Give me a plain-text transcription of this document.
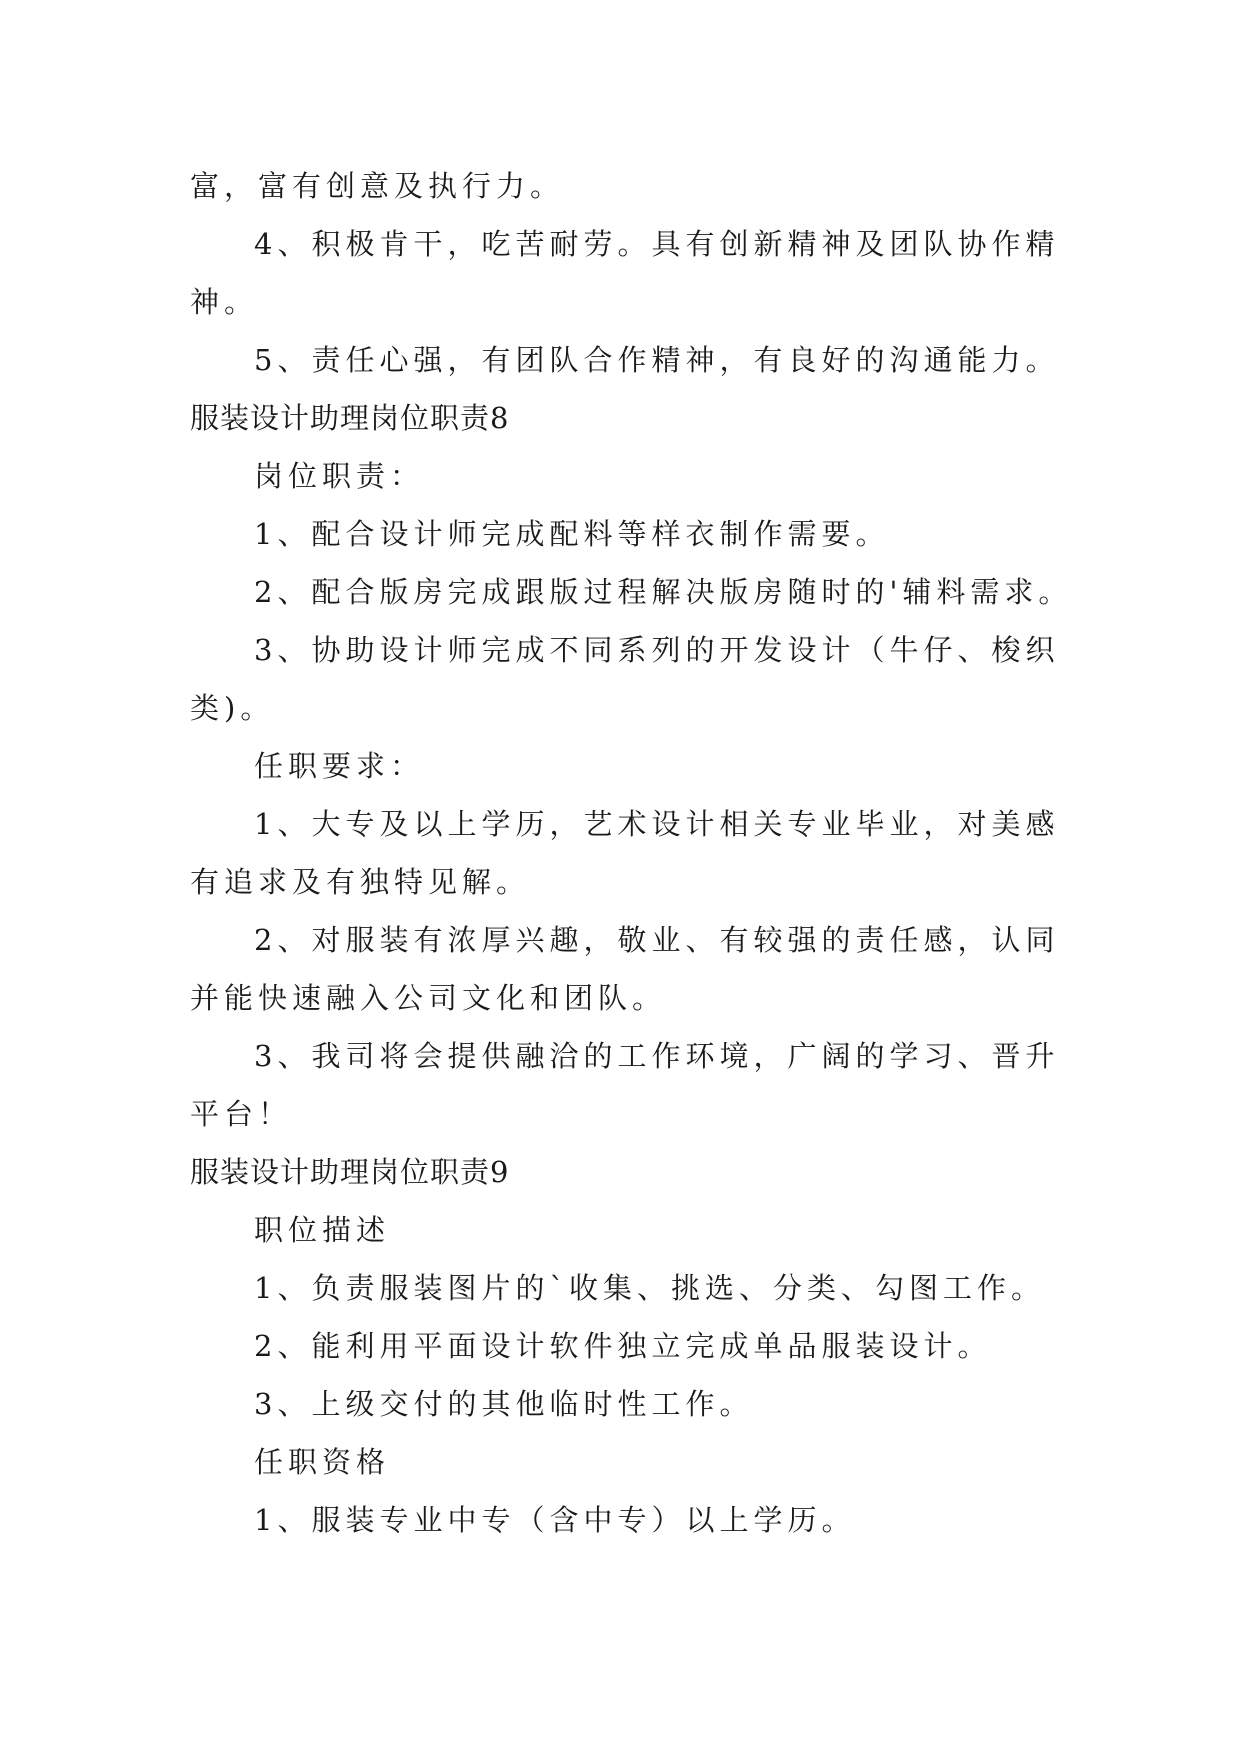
富，富有创意及执行力。
4、积极肯干，吃苦耐劳。具有创新精神及团队协作精
神。
5、责任心强，有团队合作精神，有良好的沟通能力。
服装设计助理岗位职责8
岗位职责：
1、配合设计师完成配料等样衣制作需要。
2、配合版房完成跟版过程解决版房随时的'辅料需求。
3、协助设计师完成不同系列的开发设计（牛仔、梭织
类)。
任职要求：
1、大专及以上学历，艺术设计相关专业毕业，对美感
有追求及有独特见解。
2、对服装有浓厚兴趣，敬业、有较强的责任感，认同
并能快速融入公司文化和团队。
3、我司将会提供融洽的工作环境，广阔的学习、晋升
平台！
服装设计助理岗位职责9
职位描述
1、负责服装图片的`收集、挑选、分类、勾图工作。
2、能利用平面设计软件独立完成单品服装设计。
3、上级交付的其他临时性工作。
任职资格
1、服装专业中专（含中专）以上学历。
